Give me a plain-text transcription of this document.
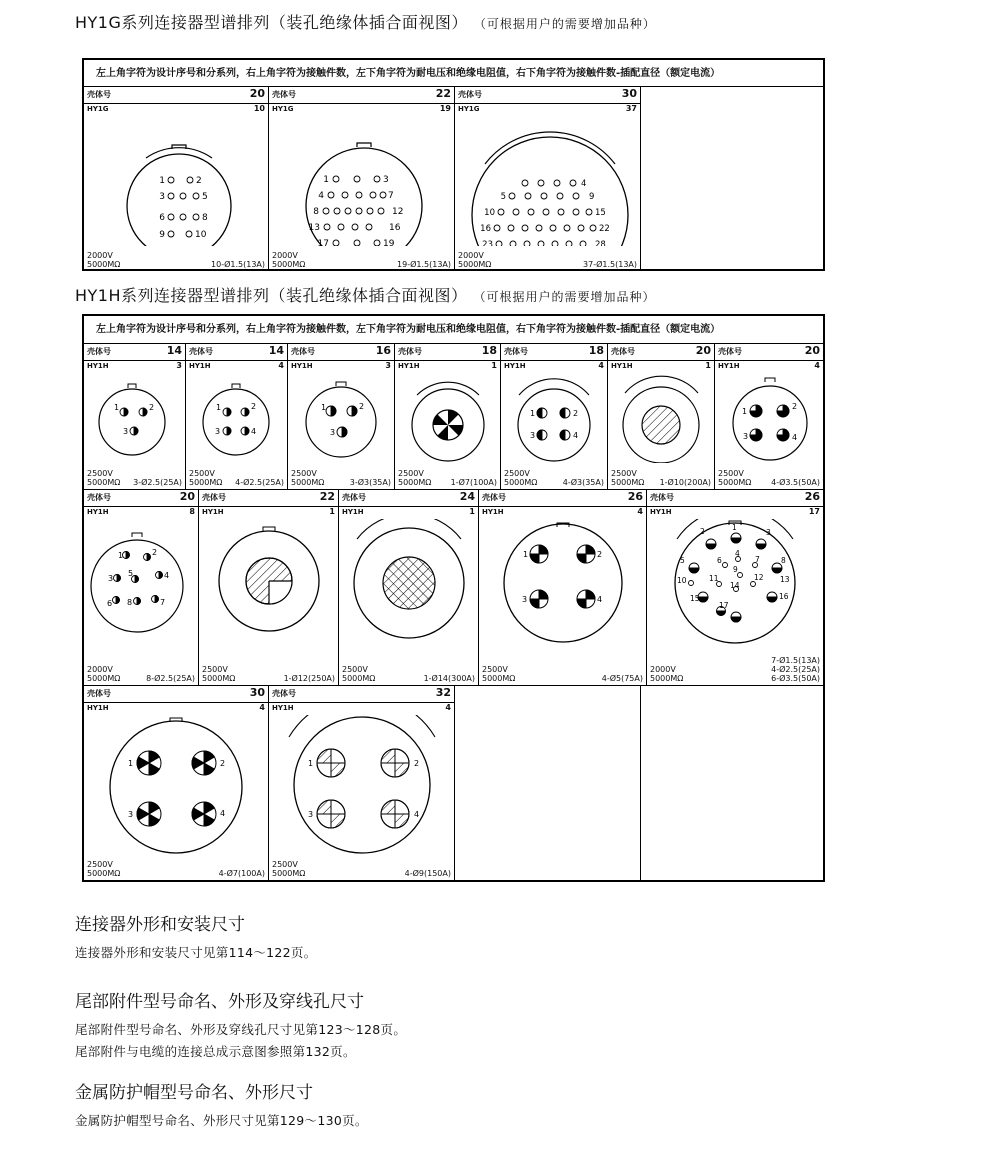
HY1G系列连接器型谱排列（装孔绝缘体插合面视图） （可根据用户的需要增加品种）
左上角字符为设计序号和分系列，右上角字符为接触件数，左下角字符为耐电压和绝缘电阻值，右下角字符为接触件数-插配直径（额定电流）
壳体号	20
HY1G	10
1
3
6
9
2
5
8
10
2000V
5000MΩ	10-Ø1.5(13A)
壳体号	22
HY1G	19
1
4
8
13
17
3
7
12
16
19
2000V
5000MΩ	19-Ø1.5(13A)
壳体号	30
HY1G	37
5
10
16
23
4
9
15
22
28
2000V
5000MΩ	37-Ø1.5(13A)
HY1H系列连接器型谱排列（装孔绝缘体插合面视图） （可根据用户的需要增加品种）
左上角字符为设计序号和分系列，右上角字符为接触件数，左下角字符为耐电压和绝缘电阻值，右下角字符为接触件数-插配直径（额定电流）
壳体号	14
HY1H	3
1	2
3
2500V
5000MΩ 3-Ø2.5(25A)
壳体号	14
HY1H	4
1	2
3	4
2500V
5000MΩ 4-Ø2.5(25A)
壳体号	16
HY1H	3
1	2
3
2500V
5000MΩ	3-Ø3(35A)
壳体号	18
HY1H	1
2500V
5000MΩ 1-Ø7(100A)
壳体号	18
HY1H	4
1	2
3	4
2500V
5000MΩ	4-Ø3(35A)
壳体号	20
HY1H	1
2500V
5000MΩ 1-Ø10(200A)
壳体号	20
HY1H	4
1
2
3	4
2500V
5000MΩ 4-Ø3.5(50A)
壳体号	20
HY1H	8
1	2
3	4
5
6	7
8
2000V
5000MΩ	8-Ø2.5(25A)
壳体号	22
HY1H	1
2500V
5000MΩ	1-Ø12(250A)
壳体号	24
HY1H	1
2500V
5000MΩ	1-Ø14(300A)
壳体号	26
HY1H	4
1	2
3	4
2500V
5000MΩ	4-Ø5(75A)
壳体号	26
HY1H	17
1
2	3
4
5	6	7	8
9
10	11	12 13
14
15	16
17
2000V
5000MΩ
7-Ø1.5(13A)
4-Ø2.5(25A)
6-Ø3.5(50A)
壳体号	30
HY1H	4
1	2
3	4
2500V
5000MΩ	4-Ø7(100A)
壳体号	32
HY1H	4
1	2
3	4
2500V
5000MΩ	4-Ø9(150A)
连接器外形和安装尺寸
连接器外形和安装尺寸见第114～122页。
尾部附件型号命名、外形及穿线孔尺寸
尾部附件型号命名、外形及穿线孔尺寸见第123～128页。
尾部附件与电缆的连接总成示意图参照第132页。
金属防护帽型号命名、外形尺寸
金属防护帽型号命名、外形尺寸见第129～130页。
